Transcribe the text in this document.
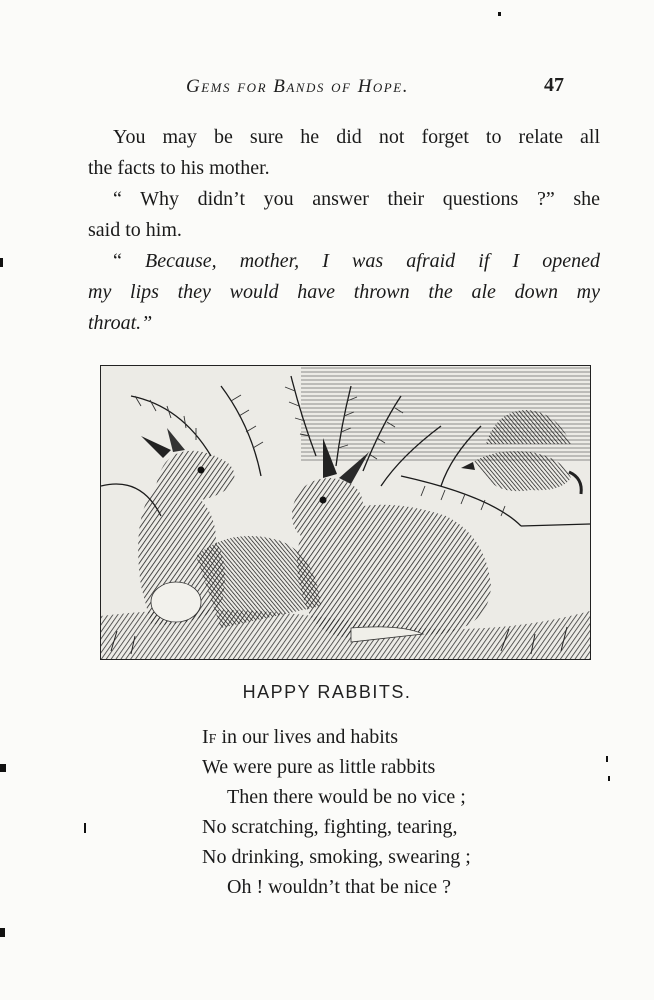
Gems for Bands of Hope.	47
You may be sure he did not forget to relate all
the facts to his mother.
“ Why didn’t you answer their questions ?” she
said to him.
“ Because, mother, I was afraid if I opened
my lips they would have thrown the ale down my
throat.”
HAPPY RABBITS.
If in our lives and habits
We were pure as little rabbits
Then there would be no vice ;
No scratching, fighting, tearing,
No drinking, smoking, swearing ;
Oh ! wouldn’t that be nice ?
